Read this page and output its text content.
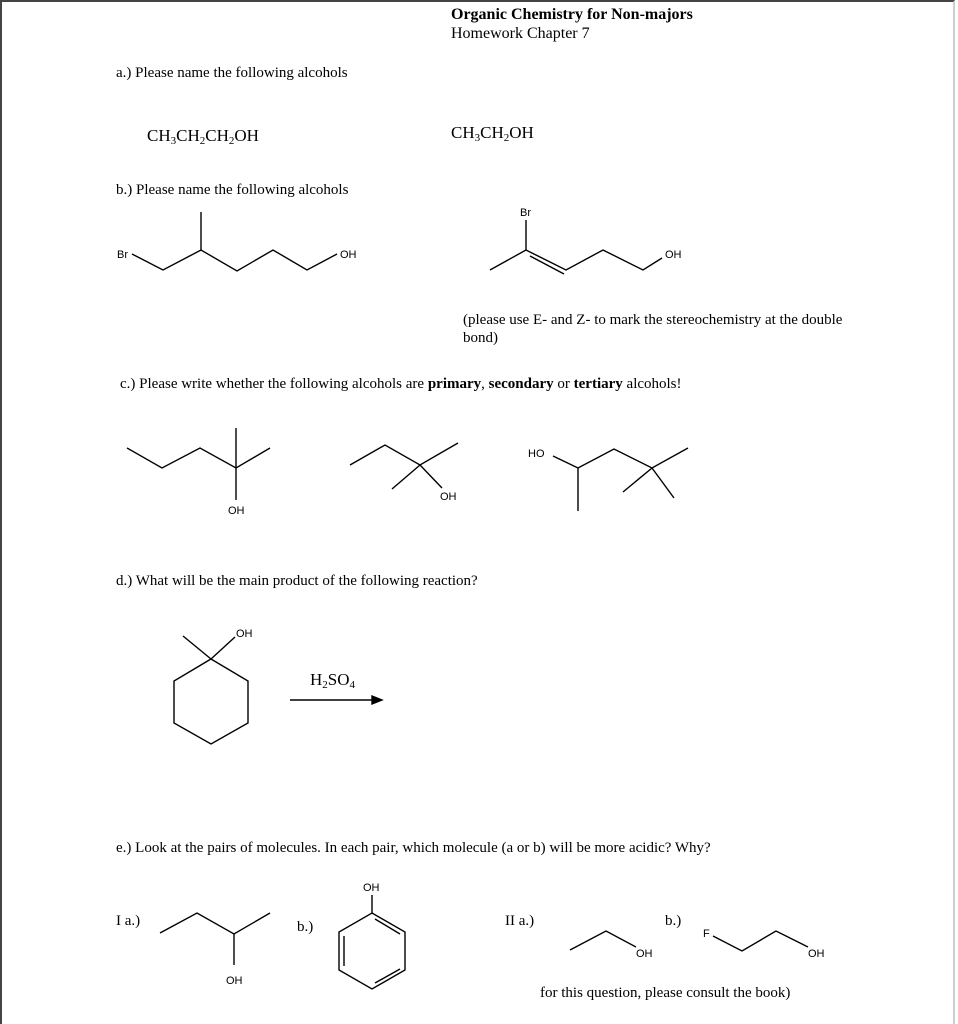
Organic Chemistry for Non-majors
Homework Chapter 7
a.) Please name the following alcohols
$CH_3CH_2CH_2OH$	$CH_3CH_2OH$
b.) Please name the following alcohols
(please use E- and Z- to mark the stereochemistry at the double bond)
c.) Please write whether the following alcohols are primary, secondary or tertiary alcohols!
d.) What will be the main product of the following reaction?
$H_2SO_4$
e.) Look at the pairs of molecules. In each pair, which molecule (a or b) will be more acidic? Why?
I a.)	b.)	II a.)	b.)
for this question, please consult the book)
Br	OH
Br
OH
OH
OH
HO
OH
OH
OH
OH
F
OH
